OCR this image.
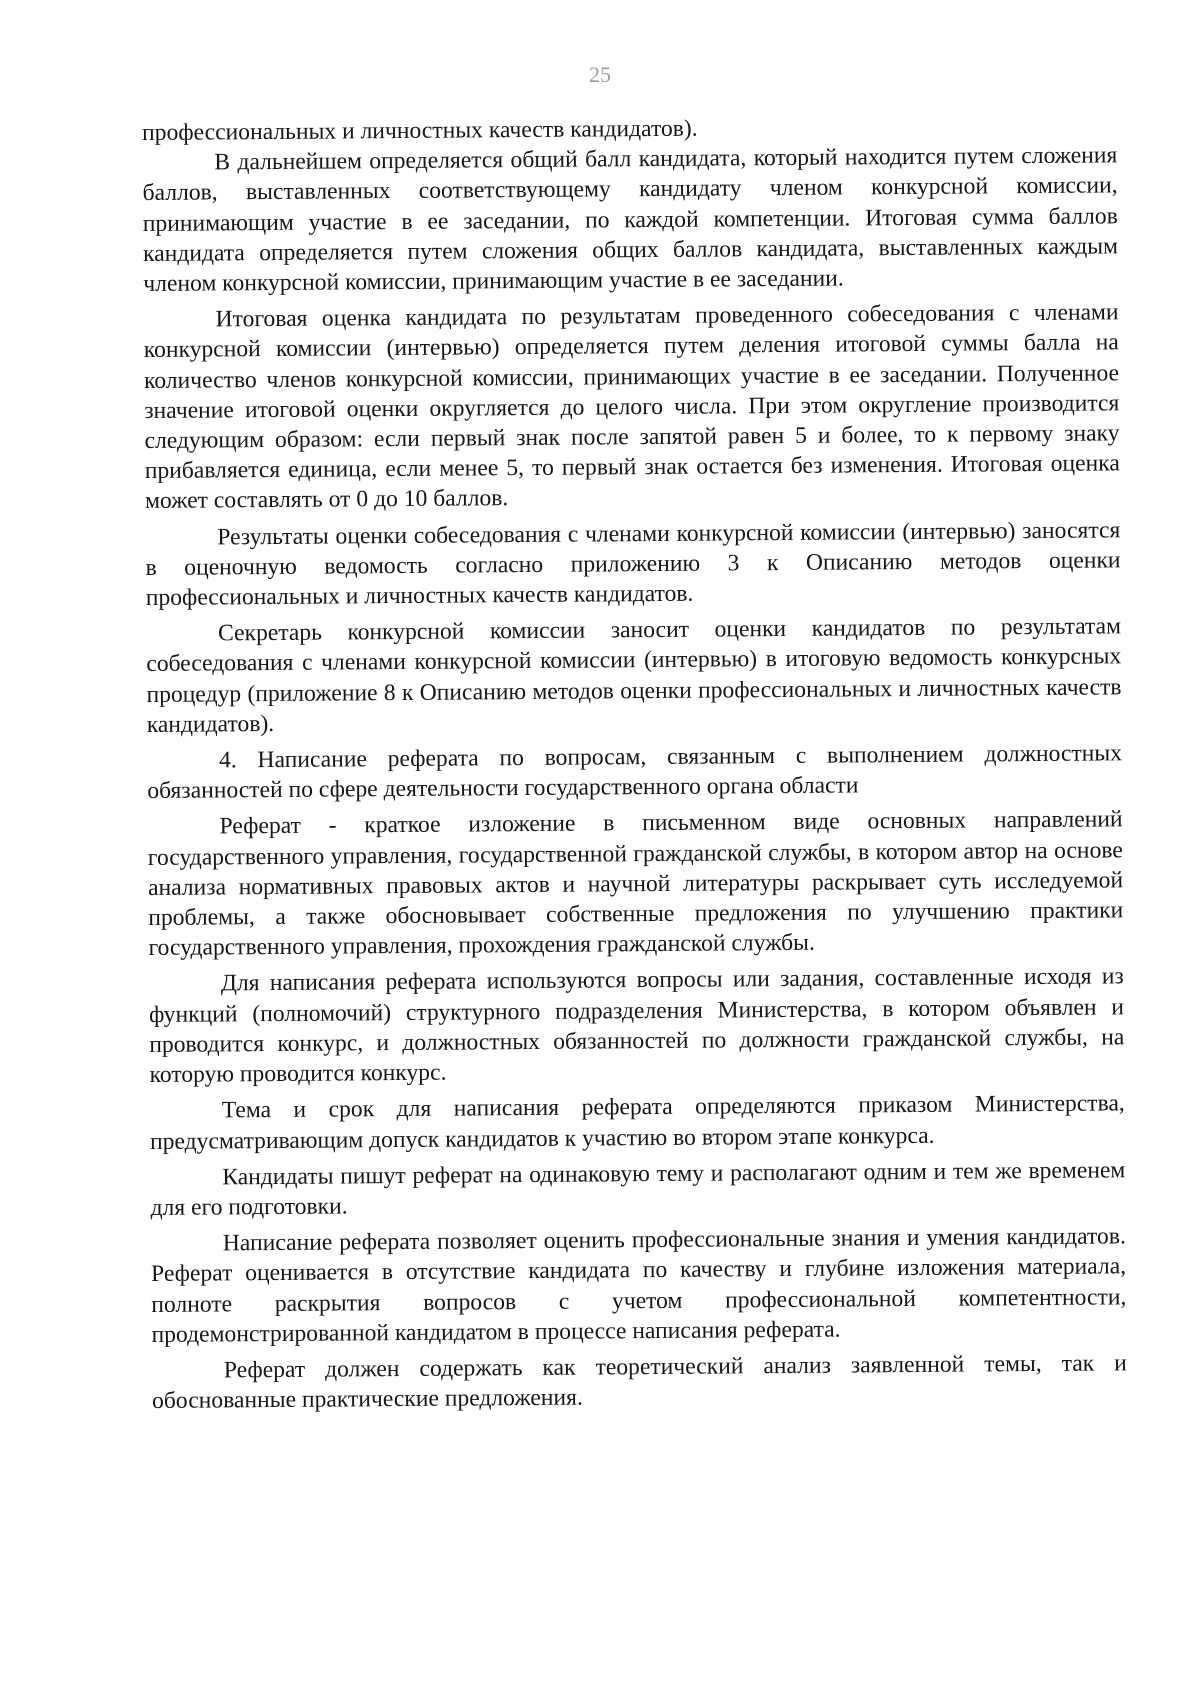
25

профессиональных и личностных качеств кандидатов).

В дальнейшем определяется общий балл кандидата, который находится путем сложения баллов, выставленных соответствующему кандидату членом конкурсной комиссии, принимающим участие в ее заседании, по каждой компетенции. Итоговая сумма баллов кандидата определяется путем сложения общих баллов кандидата, выставленных каждым членом конкурсной комиссии, принимающим участие в ее заседании.

Итоговая оценка кандидата по результатам проведенного собеседования с членами конкурсной комиссии (интервью) определяется путем деления итоговой суммы балла на количество членов конкурсной комиссии, принимающих участие в ее заседании. Полученное значение итоговой оценки округляется до целого числа. При этом округление производится следующим образом: если первый знак после запятой равен 5 и более, то к первому знаку прибавляется единица, если менее 5, то первый знак остается без изменения. Итоговая оценка может составлять от 0 до 10 баллов.

Результаты оценки собеседования с членами конкурсной комиссии (интервью) заносятся в оценочную ведомость согласно приложению 3 к Описанию методов оценки профессиональных и личностных качеств кандидатов.

Секретарь конкурсной комиссии заносит оценки кандидатов по результатам собеседования с членами конкурсной комиссии (интервью) в итоговую ведомость конкурсных процедур (приложение 8 к Описанию методов оценки профессиональных и личностных качеств кандидатов).

4. Написание реферата по вопросам, связанным с выполнением должностных обязанностей по сфере деятельности государственного органа области

Реферат - краткое изложение в письменном виде основных направлений государственного управления, государственной гражданской службы, в котором автор на основе анализа нормативных правовых актов и научной литературы раскрывает суть исследуемой проблемы, а также обосновывает собственные предложения по улучшению практики государственного управления, прохождения гражданской службы.

Для написания реферата используются вопросы или задания, составленные исходя из функций (полномочий) структурного подразделения Министерства, в котором объявлен и проводится конкурс, и должностных обязанностей по должности гражданской службы, на которую проводится конкурс.

Тема и срок для написания реферата определяются приказом Министерства, предусматривающим допуск кандидатов к участию во втором этапе конкурса.

Кандидаты пишут реферат на одинаковую тему и располагают одним и тем же временем для его подготовки.

Написание реферата позволяет оценить профессиональные знания и умения кандидатов. Реферат оценивается в отсутствие кандидата по качеству и глубине изложения материала, полноте раскрытия вопросов с учетом профессиональной компетентности, продемонстрированной кандидатом в процессе написания реферата.

Реферат должен содержать как теоретический анализ заявленной темы, так и обоснованные практические предложения.
